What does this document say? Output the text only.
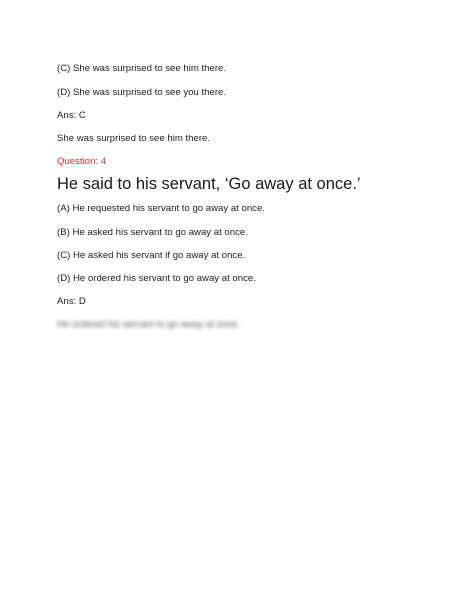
(C) She was surprised to see him there.
(D) She was surprised to see you there.
Ans: C
She was surprised to see him there.
Question: 4
He said to his servant, ‘Go away at once.’
(A) He requested his servant to go away at once.
(B) He asked his servant to go away at once.
(C) He asked his servant if go away at once.
(D) He ordered his servant to go away at once.
Ans: D
He ordered his servant to go away at once.
